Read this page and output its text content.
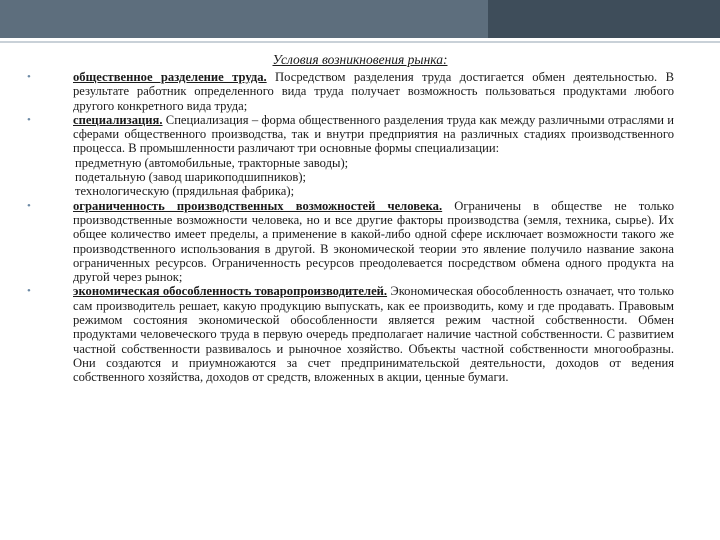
Условия возникновения рынка:
•	общественное разделение труда. Посредством разделения труда достигается обмен деятельностью. В результате работник определенного вида труда получает возможность пользоваться продуктами любого другого конкретного вида труда;
•	специализация. Специализация – форма общественного разделения труда как между различными отраслями и сферами общественного производства, так и внутри предприятия на различных стадиях производственного процесса. В промышленности различают три основные формы специализации:
предметную (автомобильные, тракторные заводы);
подетальную (завод шарикоподшипников);
технологическую (прядильная фабрика);
•	ограниченность производственных возможностей человека. Ограничены в обществе не только производственные возможности человека, но и все другие факторы производства (земля, техника, сырье). Их общее количество имеет пределы, а применение в какой-либо одной сфере исключает возможности такого же производственного использования в другой. В экономической теории это явление получило название закона ограниченных ресурсов. Ограниченность ресурсов преодолевается посредством обмена одного продукта на другой через рынок;
•	экономическая обособленность товаропроизводителей. Экономическая обособленность означает, что только сам производитель решает, какую продукцию выпускать, как ее производить, кому и где продавать. Правовым режимом состояния экономической обособленности является режим частной собственности. Обмен продуктами человеческого труда в первую очередь предполагает наличие частной собственности. С развитием частной собственности развивалось и рыночное хозяйство. Объекты частной собственности многообразны. Они создаются и приумножаются за счет предпринимательской деятельности, доходов от ведения собственного хозяйства, доходов от средств, вложенных в акции, ценные бумаги.
